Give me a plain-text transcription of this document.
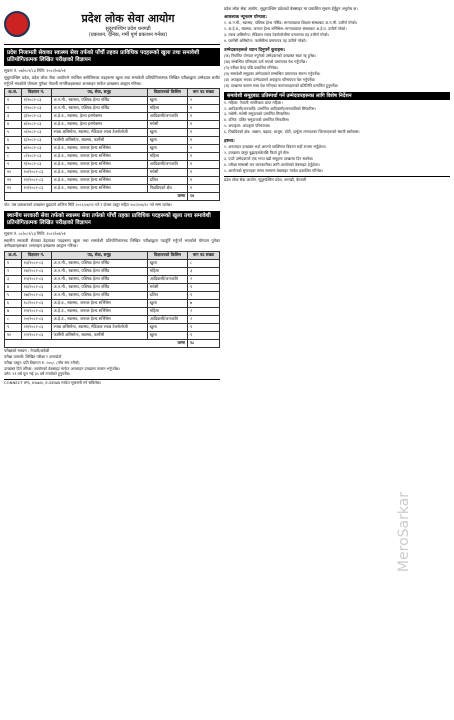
प्रदेश लोक सेवा आयोग
सुदूरपश्चिम प्रदेश धनगढी
(प्रकाशन, दैनिक, गर्मी पूर्ण प्रकाशन गर्नका)
प्रदेश निजामती सेवाका स्वास्थ्य सेवा तर्फको पाँचौं तहका प्राविधिक पदहरूको खुला तथा समावेशी प्रतियोगितात्मक लिखित परीक्षाको विज्ञापन
सूचना नं. ०७/०८२/८३ मिति: २०८२/०४/०१
सुदूरपश्चिम प्रदेश, प्रदेश लोक सेवा आयोगले तपसिल बमोजिमका पदहरूमा खुला तथा समावेशी प्रतियोगितात्मक लिखित परीक्षाद्वारा उम्मेदवार छनौट गर्नुपर्ने भएकोले योग्यता पुगेका नेपाली नागरिकहरूबाट अनलाइन मार्फत दरखास्त आह्वान गरिन्छ।
क्र.सं.	विज्ञापन नं.	पद, सेवा, समूह	विज्ञापनको किसिम	माग पद संख्या
१	१/२०८२-८३	अ.न.मी., स्वास्थ्य, पब्लिक हेल्थ नर्सिङ	खुला	२
२	२/२०८२-८३	अ.न.मी., स्वास्थ्य, पब्लिक हेल्थ नर्सिङ	महिला	१
३	३/२०८२-८३	अ.हे.व., स्वास्थ्य, हेल्थ इन्स्पेक्सन	आदिवासी/जनजाति	१
४	४/२०८२-८३	अ.हे.व., स्वास्थ्य, हेल्थ इन्स्पेक्सन	मधेसी	१
५	५/२०८२-८३	ल्याब असिस्टेन्ट, स्वास्थ्य, मेडिकल ल्याब टेक्नोलोजी	खुला	१
६	६/२०८२-८३	फार्मेसी असिस्टेन्ट, स्वास्थ्य, फार्मेसी	खुला	१
७	७/२०८२-८३	अ.हे.व., स्वास्थ्य, जनरल हेल्थ सर्भिसेस	खुला	२
८	८/२०८२-८३	अ.हे.व., स्वास्थ्य, जनरल हेल्थ सर्भिसेस	महिला	१
९	९/२०८२-८३	अ.हे.व., स्वास्थ्य, जनरल हेल्थ सर्भिसेस	आदिवासी/जनजाति	१
१०	१०/२०८२-८३	अ.हे.व., स्वास्थ्य, जनरल हेल्थ सर्भिसेस	मधेसी	१
११	११/२०८२-८३	अ.हे.व., स्वास्थ्य, जनरल हेल्थ सर्भिसेस	दलित	१
१२	१२/२०८२-८३	अ.हे.व., स्वास्थ्य, जनरल हेल्थ सर्भिसेस	पिछडिएको क्षेत्र	१
जम्मा				१४
नोट: यस प्रकाशनको दरखास्त बुझाउने अन्तिम मिति २०८२/०४/२१ गते र दोब्बर दस्तुर सहित २०८२/०४/२८ गते सम्म रहनेछ।
स्थानीय सरकारी सेवा तर्फको स्वास्थ्य सेवा तर्फको पाँचौं तहका प्राविधिक पदहरूको खुला तथा समावेशी प्रतियोगितात्मक लिखित परीक्षाको विज्ञापन
सूचना नं. ०८/०८२/८३ मिति: २०८२/०४/०१
स्थानीय सरकारी सेवाका देहायका पदहरूमा खुला तथा समावेशी प्रतियोगितात्मक लिखित परीक्षाद्वारा पदपूर्ति गर्नुपर्ने भएकोले योग्यता पुगेका उम्मेदवारहरूबाट अनलाइन दरखास्त आह्वान गरिन्छ।
क्र.सं.	विज्ञापन नं.	पद, सेवा, समूह	विज्ञापनको किसिम	माग पद संख्या
१	१३/२०८२-८३	अ.न.मी., स्वास्थ्य, पब्लिक हेल्थ नर्सिङ	खुला	८
२	१४/२०८२-८३	अ.न.मी., स्वास्थ्य, पब्लिक हेल्थ नर्सिङ	महिला	३
३	१५/२०८२-८३	अ.न.मी., स्वास्थ्य, पब्लिक हेल्थ नर्सिङ	आदिवासी/जनजाति	२
४	१६/२०८२-८३	अ.न.मी., स्वास्थ्य, पब्लिक हेल्थ नर्सिङ	मधेसी	१
५	१७/२०८२-८३	अ.न.मी., स्वास्थ्य, पब्लिक हेल्थ नर्सिङ	दलित	१
६	१८/२०८२-८३	अ.हे.व., स्वास्थ्य, जनरल हेल्थ सर्भिसेस	खुला	७
७	१९/२०८२-८३	अ.हे.व., स्वास्थ्य, जनरल हेल्थ सर्भिसेस	महिला	२
८	२०/२०८२-८३	अ.हे.व., स्वास्थ्य, जनरल हेल्थ सर्भिसेस	आदिवासी/जनजाति	२
९	२१/२०८२-८३	ल्याब असिस्टेन्ट, स्वास्थ्य, मेडिकल ल्याब टेक्नोलोजी	खुला	१
१०	२२/२०८२-८३	फार्मेसी असिस्टेन्ट, स्वास्थ्य, फार्मेसी	खुला	१
जम्मा				२८
परीक्षाको माध्यम : नेपाली/अंग्रेजी
परीक्षा प्रणाली: लिखित परीक्षा र अन्तर्वार्ता
परीक्षा दस्तुर: प्रति विज्ञापन रु. ५००/- (पाँच सय रुपैयाँ)
दरखास्त दिने तरिका: आयोगको वेबसाइट मार्फत अनलाइन दरखास्त फाराम भर्नुपर्नेछ।
उमेर: २१ वर्ष पूरा भई ३५ वर्ष ननाघेको हुनुपर्नेछ।
CONNECT IPS, Khalti, E-SEWA मार्फत भुक्तानी गर्न सकिनेछ।
प्रदेश लोक सेवा आयोग, सुदूरपश्चिम प्रदेशको वेबसाइट मा प्रकाशित सूचना हेर्नुहुन अनुरोध छ।
आवश्यक न्यूनतम योग्यता:
१. अ.न.मी., स्वास्थ्य, पब्लिक हेल्थ नर्सिङ: मान्यताप्राप्त शिक्षण संस्थाबाट अ.न.मी. उत्तीर्ण गरेको।
२. अ.हे.व., स्वास्थ्य, जनरल हेल्थ सर्भिसेस: मान्यताप्राप्त संस्थाबाट अ.हे.व. उत्तीर्ण गरेको।
३. ल्याब असिस्टेन्ट: मेडिकल ल्याब टेक्नोलोजीमा प्रमाणपत्र तह उत्तीर्ण गरेको।
४. फार्मेसी असिस्टेन्ट: फार्मेसीमा प्रमाणपत्र तह उत्तीर्ण गरेको।
उम्मेदवारहरूले ध्यान दिनुपर्ने कुराहरू:
(क) निर्धारित योग्यता नपुगेको उम्मेदवारको दरखास्त स्वतः रद्द हुनेछ।
(ख) सम्बन्धित परिषदमा दर्ता भएको प्रमाणपत्र पेश गर्नुपर्नेछ।
(ग) परीक्षा केन्द्र पछि प्रकाशित गरिनेछ।
(घ) समावेशी समूहका उम्मेदवारले सम्बन्धित प्रमाणपत्र संलग्न गर्नुपर्नेछ।
(ङ) अपाङ्गता भएका उम्मेदवारले अपाङ्गता परिचयपत्र पेश गर्नुपर्नेछ।
(च) दरखास्त फाराम साथ पेश गरिएका कागजातहरूको प्रतिलिपि प्रमाणित हुनुपर्नेछ।
समावेशी समूहबाट प्रतिस्पर्धा गर्ने उम्मेदवारहरूका लागि विशेष निर्देशन
१. महिला: नेपाली नागरिकता प्राप्त महिला।
२. आदिवासी/जनजाति: प्रमाणित आदिवासी/जनजातिको सिफारिस।
३. मधेसी: मधेसी समुदायको प्रमाणित सिफारिस।
४. दलित: दलित समुदायको प्रमाणित सिफारिस।
५. अपाङ्गता: अपाङ्गता परिचयपत्र।
६. पिछडिएको क्षेत्र: अछाम, बझाङ, बाजुरा, डोटी, दार्चुला लगायतका जिल्लाहरूको स्थायी बसोबास।
द्रष्टव्य:
१. अनलाइन दरखास्त भर्दा आफ्नो व्यक्तिगत विवरण सही रूपमा भर्नुहोला।
२. दरखास्त दस्तुर बुझाइसकेपछि फिर्ता हुने छैन।
३. एउटै उम्मेदवारले एक भन्दा बढी समूहमा दरखास्त दिन सक्नेछ।
४. परीक्षा सम्बन्धी थप जानकारीका लागि आयोगको वेबसाइट हेर्नुहोला।
५. आयोगको सूचनाहरू समय समयमा वेबसाइट मार्फत प्रकाशित गरिनेछ।
प्रदेश लोक सेवा आयोग, सुदूरपश्चिम प्रदेश, धनगढी, कैलाली
MeroSarkar
